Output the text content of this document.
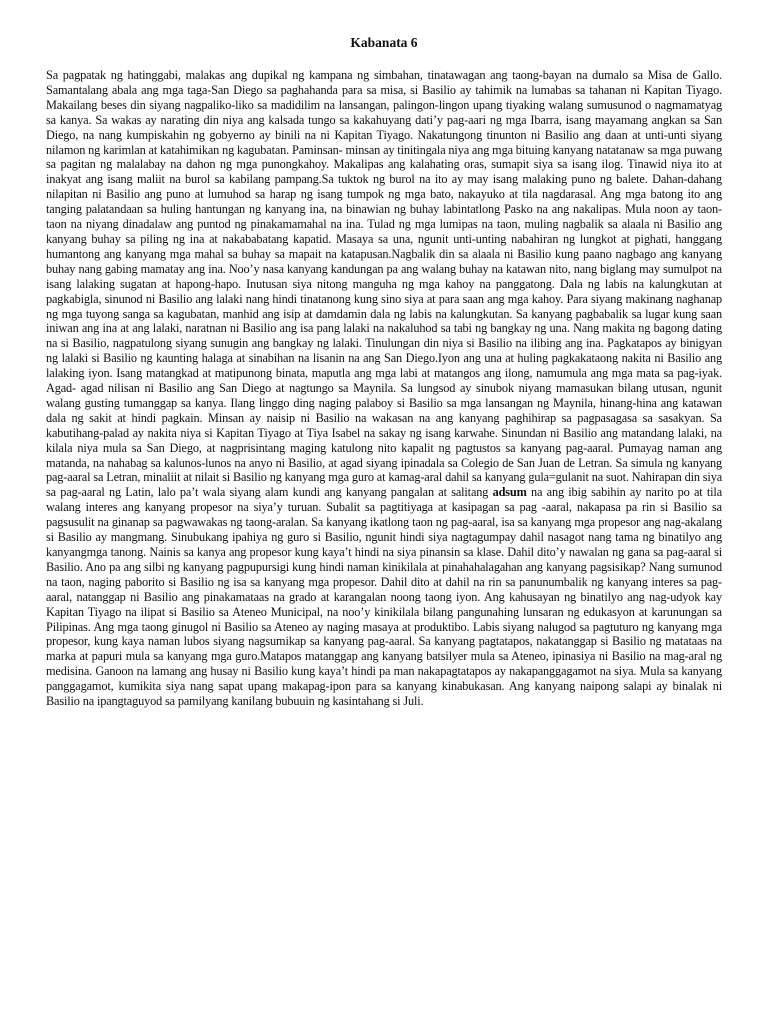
Kabanata 6

Sa pagpatak ng hatinggabi, malakas ang dupikal ng kampana ng simbahan, tinatawagan ang taong-bayan na dumalo sa Misa de Gallo. Samantalang abala ang mga taga-San Diego sa paghahanda para sa misa, si Basilio ay tahimik na lumabas sa tahanan ni Kapitan Tiyago. Makailang beses din siyang nagpaliko-liko sa madidilim na lansangan, palingon-lingon upang tiyaking walang sumusunod o nagmamatyag sa kanya. Sa wakas ay narating din niya ang kalsada tungo sa kakahuyang dati’y pag-aari ng mga Ibarra, isang mayamang angkan sa San Diego, na nang kumpiskahin ng gobyerno ay binili na ni Kapitan Tiyago. Nakatungong tinunton ni Basilio ang daan at unti-unti siyang nilamon ng karimlan at katahimikan ng kagubatan. Paminsan- minsan ay tinitingala niya ang mga bituing kanyang natatanaw sa mga puwang sa pagitan ng malalabay na dahon ng mga punongkahoy. Makalipas ang kalahating oras, sumapit siya sa isang ilog. Tinawid niya ito at inakyat ang isang maliit na burol sa kabilang pampang.Sa tuktok ng burol na ito ay may isang malaking puno ng balete. Dahan-dahang nilapitan ni Basilio ang puno at lumuhod sa harap ng isang tumpok ng mga bato, nakayuko at tila nagdarasal. Ang mga batong ito ang tanging palatandaan sa huling hantungan ng kanyang ina, na binawian ng buhay labintatlong Pasko na ang nakalipas. Mula noon ay taon-taon na niyang dinadalaw ang puntod ng pinakamamahal na ina. Tulad ng mga lumipas na taon, muling nagbalik sa alaala ni Basilio ang kanyang buhay sa piling ng ina at nakababatang kapatid. Masaya sa una, ngunit unti-unting nabahiran ng lungkot at pighati, hanggang humantong ang kanyang mga mahal sa buhay sa mapait na katapusan.Nagbalik din sa alaala ni Basilio kung paano nagbago ang kanyang buhay nang gabing mamatay ang ina. Noo’y nasa kanyang kandungan pa ang walang buhay na katawan nito, nang biglang may sumulpot na isang lalaking sugatan at hapong-hapo. Inutusan siya nitong manguha ng mga kahoy na panggatong. Dala ng labis na kalungkutan at pagkabigla, sinunod ni Basilio ang lalaki nang hindi tinatanong kung sino siya at para saan ang mga kahoy. Para siyang makinang naghanap ng mga tuyong sanga sa kagubatan, manhid ang isip at damdamin dala ng labis na kalungkutan. Sa kanyang pagbabalik sa lugar kung saan iniwan ang ina at ang lalaki, naratnan ni Basilio ang isa pang lalaki na nakaluhod sa tabi ng bangkay ng una. Nang makita ng bagong dating na si Basilio, nagpatulong siyang sunugin ang bangkay ng lalaki. Tinulungan din niya si Basilio na ilibing ang ina. Pagkatapos ay binigyan ng lalaki si Basilio ng kaunting halaga at sinabihan na lisanin na ang San Diego.Iyon ang una at huling pagkakataong nakita ni Basilio ang lalaking iyon. Isang matangkad at matipunong binata, maputla ang mga labi at matangos ang ilong, namumula ang mga mata sa pag-iyak. Agad- agad nilisan ni Basilio ang San Diego at nagtungo sa Maynila. Sa lungsod ay sinubok niyang mamasukan bilang utusan, ngunit walang gusting tumanggap sa kanya. Ilang linggo ding naging palaboy si Basilio sa mga lansangan ng Maynila, hinang-hina ang katawan dala ng sakit at hindi pagkain. Minsan ay naisip ni Basilio na wakasan na ang kanyang paghihirap sa pagpasagasa sa sasakyan. Sa kabutihang-palad ay nakita niya si Kapitan Tiyago at Tiya Isabel na sakay ng isang karwahe. Sinundan ni Basilio ang matandang lalaki, na kilala niya mula sa San Diego, at nagprisintang maging katulong nito kapalit ng pagtustos sa kanyang pag-aaral. Pumayag naman ang matanda, na nahabag sa kalunos-lunos na anyo ni Basilio, at agad siyang ipinadala sa Colegio de San Juan de Letran. Sa simula ng kanyang pag-aaral sa Letran, minaliit at nilait si Basilio ng kanyang mga guro at kamag-aral dahil sa kanyang gula=gulanit na suot. Nahirapan din siya sa pag-aaral ng Latin, lalo pa’t wala siyang alam kundi ang kanyang pangalan at salitang adsum na ang ibig sabihin ay narito po at tila walang interes ang kanyang propesor na siya’y turuan. Subalit sa pagtitiyaga at kasipagan sa pag -aaral, nakapasa pa rin si Basilio sa pagsusulit na ginanap sa pagwawakas ng taong-aralan. Sa kanyang ikatlong taon ng pag-aaral, isa sa kanyang mga propesor ang nag-akalang si Basilio ay mangmang. Sinubukang ipahiya ng guro si Basilio, ngunit hindi siya nagtagumpay dahil nasagot nang tama ng binatilyo ang kanyangmga tanong. Nainis sa kanya ang propesor kung kaya’t hindi na siya pinansin sa klase. Dahil dito’y nawalan ng gana sa pag-aaral si Basilio. Ano pa ang silbi ng kanyang pagpupursigi kung hindi naman kinikilala at pinahahalagahan ang kanyang pagsisikap? Nang sumunod na taon, naging paborito si Basilio ng isa sa kanyang mga propesor. Dahil dito at dahil na rin sa panunumbalik ng kanyang interes sa pag-aaral, natanggap ni Basilio ang pinakamataas na grado at karangalan noong taong iyon. Ang kahusayan ng binatilyo ang nag-udyok kay Kapitan Tiyago na ilipat si Basilio sa Ateneo Municipal, na noo’y kinikilala bilang pangunahing lunsaran ng edukasyon at karunungan sa Pilipinas. Ang mga taong ginugol ni Basilio sa Ateneo ay naging masaya at produktibo. Labis siyang nalugod sa pagtuturo ng kanyang mga propesor, kung kaya naman lubos siyang nagsumikap sa kanyang pag-aaral. Sa kanyang pagtatapos, nakatanggap si Basilio ng matataas na marka at papuri mula sa kanyang mga guro.Matapos matanggap ang kanyang batsilyer mula sa Ateneo, ipinasiya ni Basilio na mag-aral ng medisina. Ganoon na lamang ang husay ni Basilio kung kaya’t hindi pa man nakapagtatapos ay nakapanggagamot na siya. Mula sa kanyang panggagamot, kumikita siya nang sapat upang makapag-ipon para sa kanyang kinabukasan. Ang kanyang naipong salapi ay binalak ni Basilio na ipangtaguyod sa pamilyang kanilang bubuuin ng kasintahang si Juli.
